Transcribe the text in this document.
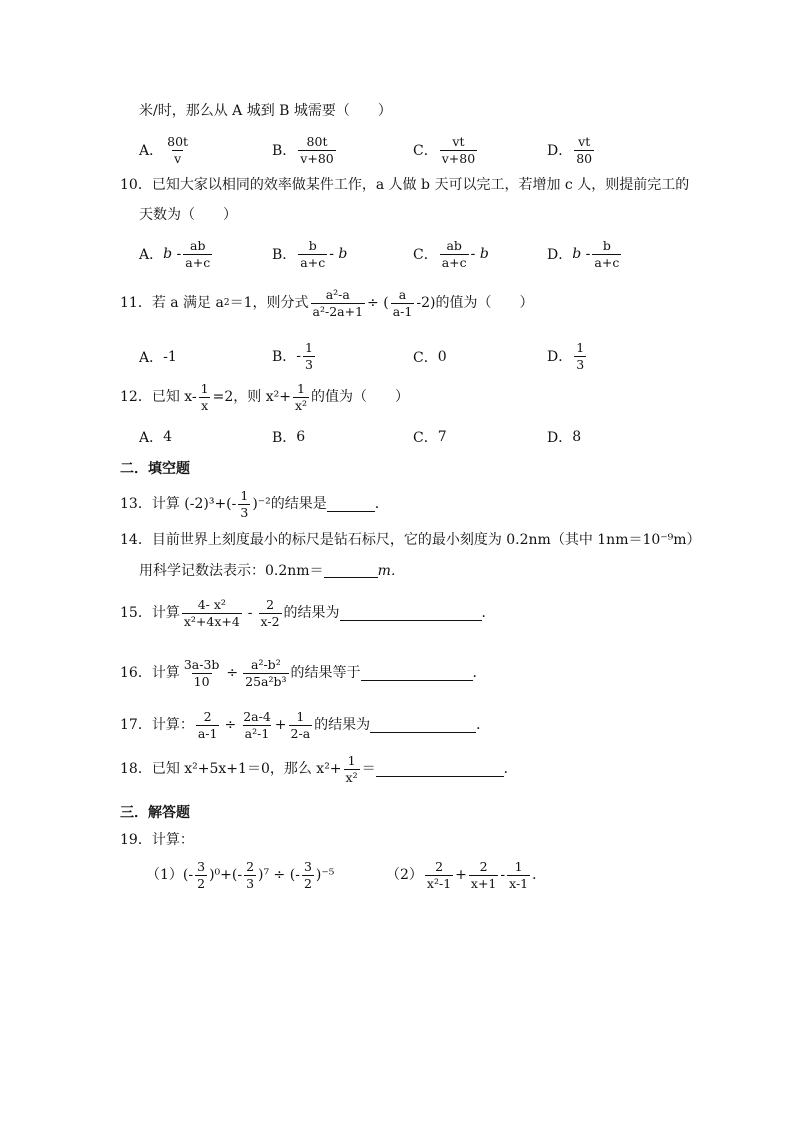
米/时，那么从 A 城到 B 城需要（　　）
A． $\frac{80t}{v}$	B． $\frac{80t}{v+80}$	C． $\frac{vt}{v+80}$	D． $\frac{vt}{80}$
10．已知大家以相同的效率做某件工作，a 人做 b 天可以完工，若增加 c 人，则提前完工的
天数为（　　）
A． b - $\frac{ab}{a+c}$	B． $\frac{b}{a+c}$ - b	C． $\frac{ab}{a+c}$ - b	D． b - $\frac{b}{a+c}$
11．若 a 满足 a 2 ＝1，则分式 $\frac{\text{a²-a}}{\text{a²-2a+1}}$ ÷ ( $\frac{a}{a-1} -2$)的值为（　　）
A． -1	B． - $\frac{1}{3}$	C． 0	D． $\frac{1}{3}$
12．已知 $x- \frac{1}{x} =2$，则 $x^2+ \frac{1}{\text{x²}}$ 的值为（　　）
A． 4	B． 6	C． 7	D． 8
二．填空题
13．计算 $(-2)^3+(- \frac{1}{3} )^{-2}$的结果是	．
14．目前世界上刻度最小的标尺是钻石标尺，它的最小刻度为 0.2nm（其中 1nm＝10⁻⁹m）
用科学记数法表示：0.2nm＝	m．
15．计算 $\frac{\text{4- x²}}{\text{x²+4x+4}} - \frac{2}{x-2}$ 的结果为	．
16．计算 $\frac{3a-3b}{10} \div \frac{\text{a²-b²}}{\text{25a²b³}}$ 的结果等于	．
17．计算： $\frac{2}{a-1} \div \frac{2a-4}{\text{a²-1}} + \frac{1}{2-a}$ 的结果为	．
18．已知 x²+5x+1＝0，那么 $x^2+ \frac{1}{\text{x²}}$ ＝	．
三．解答题
19．计算：
（1） (- $\frac{3}{2} )^0+(- \frac{2}{3} )^7$ ÷ (- $\frac{3}{2} )^{-5}$	$(2) \frac{2}{\text{x²-1}} + \frac{2}{x+1} - \frac{1}{x-1}$ ．
